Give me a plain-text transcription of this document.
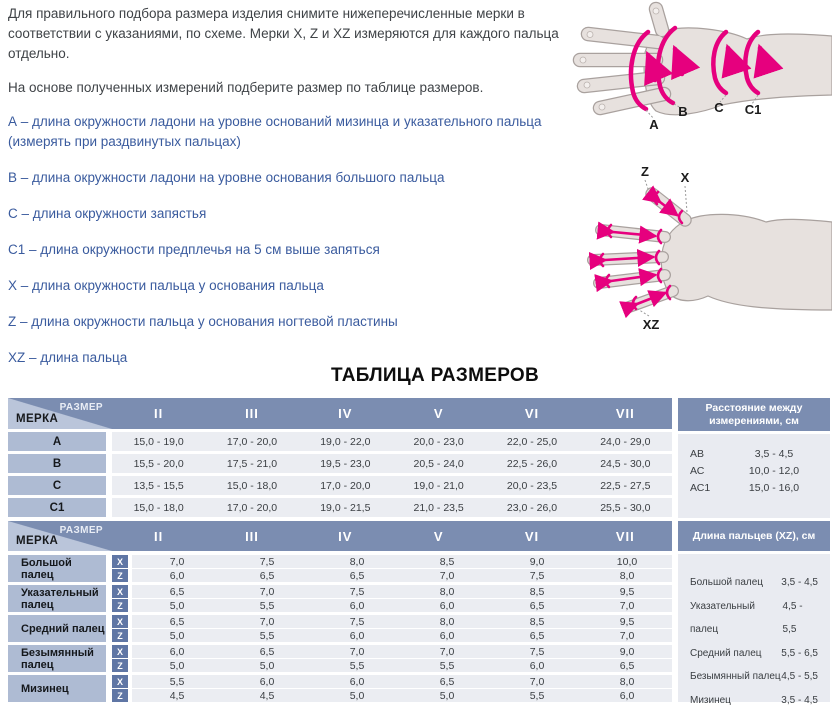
Для правильного подбора размера изделия снимите нижеперечисленные мерки в соответствии с указаниями, по схеме. Мерки X, Z и XZ измеряются для каждого пальца отдельно.

На основе полученных измерений подберите размер по таблице размеров.

А – длина окружности ладони на уровне оснований мизинца и указательного пальца (измерять при раздвинутых пальцах)
В – длина окружности ладони на уровне основания большого пальца
С – длина окружности запястья
С1 – длина окружности предплечья на 5 см выше запяться
X – длина окружности пальца у основания пальца
Z – длина окружности пальца у основания ногтевой пластины
XZ – длина пальца
A
B C C1
Z X
XZ
ТАБЛИЦА РАЗМЕРОВ
РАЗМЕР
МЕРКА	II	III	IV	V	VI	VII
А	15,0 - 19,0	17,0 - 20,0	19,0 - 22,0	20,0 - 23,0	22,0 - 25,0	24,0 - 29,0
В	15,5 - 20,0	17,5 - 21,0	19,5 - 23,0	20,5 - 24,0	22,5 - 26,0	24,5 - 30,0
С	13,5 - 15,5	15,0 - 18,0	17,0 - 20,0	19,0 - 21,0	20,0 - 23,5	22,5 - 27,5
С1	15,0 - 18,0	17,0 - 20,0	19,0 - 21,5	21,0 - 23,5	23,0 - 26,0	25,5 - 30,0
Расстояние между измерениями, см
АВ	3,5 - 4,5
АС	10,0 - 12,0
АС1	15,0 - 16,0
РАЗМЕР
МЕРКА	II	III	IV	V	VI	VII
Большой палец
X	7,0	7,5	8,0	8,5	9,0	10,0
Z	6,0	6,5	6,5	7,0	7,5	8,0
Указательный палец
X	6,5	7,0	7,5	8,0	8,5	9,5
Z	5,0	5,5	6,0	6,0	6,5	7,0
Средний палец
X	6,5	7,0	7,5	8,0	8,5	9,5
Z	5,0	5,5	6,0	6,0	6,5	7,0
Безымянный палец
X	6,0	6,5	7,0	7,0	7,5	9,0
Z	5,0	5,0	5,5	5,5	6,0	6,5
Мизинец
X	5,5	6,0	6,0	6,5	7,0	8,0
Z	4,5	4,5	5,0	5,0	5,5	6,0
Длина пальцев (XZ), см
Большой палец 3,5 - 4,5
Указательный палец
4,5 - 5,5
Средний палец 5,5 - 6,5
Безымянный палец 4,5 - 5,5
Мизинец	3,5 - 4,5
